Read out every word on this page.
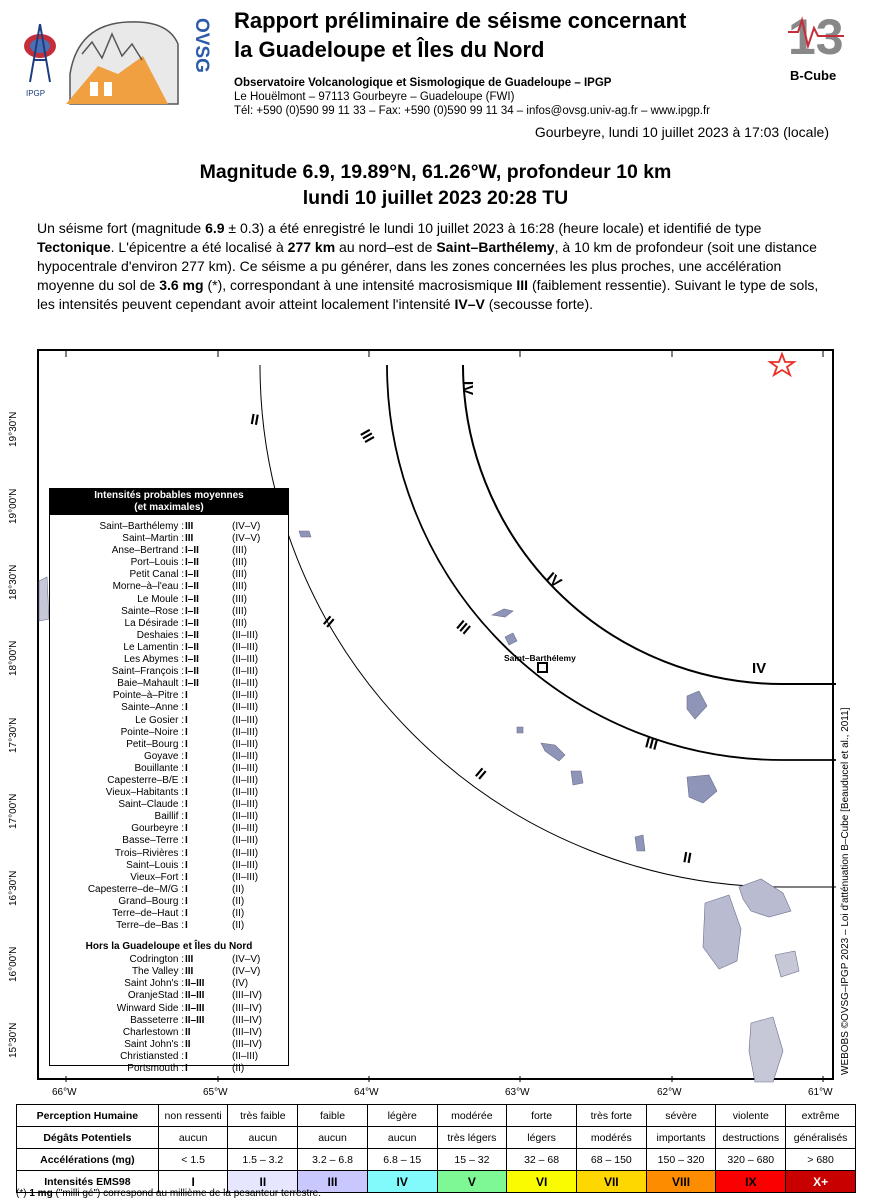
IPGP
OVSG Rapport préliminaire de séisme concernant
la Guadeloupe et Îles du Nord	13
B-Cube
Observatoire Volcanologique et Sismologique de Guadeloupe – IPGP
Le Houëlmont – 97113 Gourbeyre – Guadeloupe (FWI)
Tél: +590 (0)590 99 11 33 – Fax: +590 (0)590 99 11 34 – infos@ovsg.univ-ag.fr – www.ipgp.fr
Gourbeyre, lundi 10 juillet 2023 à 17:03 (locale)
Magnitude 6.9, 19.89°N, 61.26°W, profondeur 10 km
lundi 10 juillet 2023 20:28 TU
Un séisme fort (magnitude 6.9 ± 0.3) a été enregistré le lundi 10 juillet 2023 à 16:28 (heure locale) et identifié de type Tectonique. L'épicentre a été localisé à 277 km au nord–est de Saint–Barthélemy, à 10 km de profondeur (soit une distance hypocentrale d'environ 277 km). Ce séisme a pu générer, dans les zones concernées les plus proches, une accélération moyenne du sol de 3.6 mg (*), correspondant à une intensité macrosismique III (faiblement ressentie). Suivant le type de sols, les intensités peuvent cependant avoir atteint localement l'intensité IV–V (secousse forte).
IV
IV
IV
III
III
III
II
II
II
II
Saint–Barthélemy
66°W	65°W	64°W	63°W	62°W	61°W
19°30'N
19°00'N
18°30'N
18°00'N
17°30'N
17°00'N
16°30'N
16°00'N
15°30'N	WEBOBS ©OVSG–IPGP 2023 – Loi d'atténuation B–Cube [Beauducel et al., 2011]
Intensités probables moyennes
(et maximales)
Saint–Barthélemy : III	(IV–V)
Saint–Martin : III	(IV–V)
Anse–Bertrand : I–II	(III)
Port–Louis : I–II	(III)
Petit Canal : I–II	(III)
Morne–à–l'eau : I–II	(III)
Le Moule : I–II	(III)
Sainte–Rose : I–II	(III)
La Désirade : I–II	(III)
Deshaies : I–II	(II–III)
Le Lamentin : I–II	(II–III)
Les Abymes : I–II	(II–III)
Saint–François : I–II	(II–III)
Baie–Mahault : I–II	(II–III)
Pointe–à–Pitre : I	(II–III)
Sainte–Anne : I	(II–III)
Le Gosier : I	(II–III)
Pointe–Noire : I	(II–III)
Petit–Bourg : I	(II–III)
Goyave : I	(II–III)
Bouillante : I	(II–III)
Capesterre–B/E : I	(II–III)
Vieux–Habitants : I	(II–III)
Saint–Claude : I	(II–III)
Baillif : I	(II–III)
Gourbeyre : I	(II–III)
Basse–Terre : I	(II–III)
Trois–Rivières : I	(II–III)
Saint–Louis : I	(II–III)
Vieux–Fort : I	(II–III)
Capesterre–de–M/G : I	(II)
Grand–Bourg : I	(II)
Terre–de–Haut : I	(II)
Terre–de–Bas : I	(II)
Hors la Guadeloupe et Îles du Nord
Codrington : III	(IV–V)
The Valley : III	(IV–V)
Saint John's : II–III	(IV)
OranjeStad : II–III	(III–IV)
Winward Side : II–III	(III–IV)
Basseterre : II–III	(III–IV)
Charlestown : II	(III–IV)
Saint John's : II	(III–IV)
Christiansted : I	(II–III)
Portsmouth : I	(II)
Perception Humaine	non ressenti	très faible	faible	légère	modérée	forte	très forte	sévère	violente	extrême
Dégâts Potentiels	aucun	aucun	aucun	aucun	très légers	légers	modérés	importants	destructions	généralisés
Accélérations (mg)	< 1.5	1.5 – 3.2	3.2 – 6.8	6.8 – 15	15 – 32	32 – 68	68 – 150	150 – 320	320 – 680	> 680
Intensités EMS98	I	II	III	IV	V	VI	VII	VIII	IX	X+
(*) 1 mg ("milli gé") correspond au millième de la pesanteur terrestre.
